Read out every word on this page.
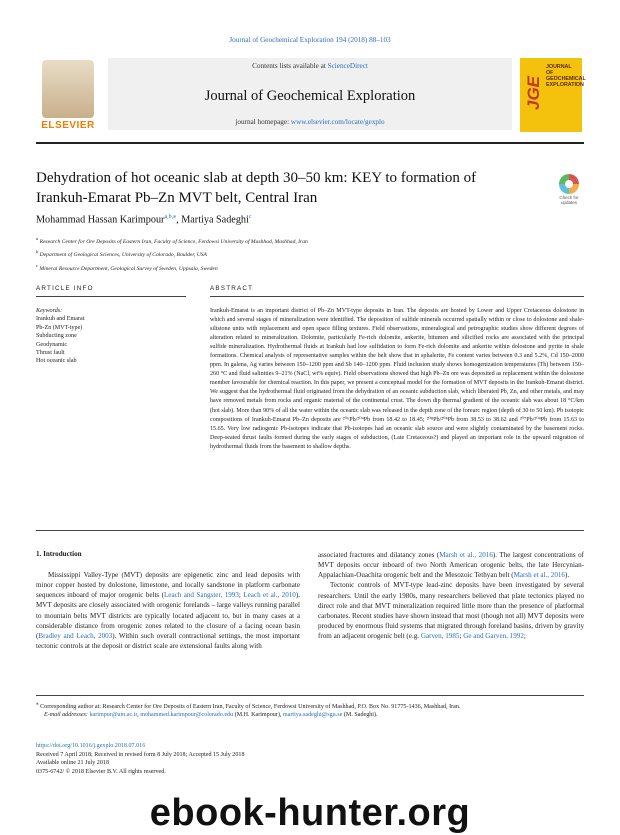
Journal of Geochemical Exploration 194 (2018) 88–103
ELSEVIER
Contents lists available at ScienceDirect
Journal of Geochemical Exploration
journal homepage: www.elsevier.com/locate/gexplo
JOURNAL OF GEOCHEMICAL EXPLORATION
JGE
Dehydration of hot oceanic slab at depth 30–50 km: KEY to formation of Irankuh-Emarat Pb–Zn MVT belt, Central Iran	Check for updates
Mohammad Hassan Karimpour$^{a,b,⁎}$, Martiya Sadeghi$^c$
$^a$ Research Center for Ore Deposits of Eastern Iran, Faculty of Science, Ferdowsi University of Mashhad, Mashhad, Iran
$^b$ Department of Geological Sciences, University of Colorado, Boulder, USA
$^c$ Mineral Resource Department, Geological Survey of Sweden, Uppsala, Sweden
ARTICLE INFO	ABSTRACT
Keywords:
Irankuh and Emarat
Pb-Zn (MVT-type)
Subducting zone
Geodynamic
Thrust fault
Hot oceanic slab

Irankuh-Emarat is an important district of Pb–Zn MVT-type deposits in Iran. The deposits are hosted by Lower and Upper Cretaceous dolostone in which and several stages of mineralization were identified. The deposition of sulfide minerals occurred spatially within or close to dolostone and shale-siltstone units with replacement and open space filling textures. Field observations, mineralogical and petrographic studies show different degrees of alteration related to mineralization. Dolomite, particularly Fe-rich dolomite, ankerite, bitumen and silicified rocks are associated with the principal sulfide mineralization. Hydrothermal fluids at Irankuh had low sulfidation to form Fe-rich dolomite and ankerite within dolostone and pyrite in shale formations. Chemical analysis of representative samples within the belt show that in sphalerite, Fe content varies between 0.3 and 5.2%, Cd 150–2000 ppm. In galena, Ag varies between 150–1200 ppm and Sb 140–1200 ppm. Fluid inclusion study shows homogenization temperatures (Th) between 150–260 °C and fluid salinities 9–21% (NaCl, wt% equiv). Field observations showed that high Pb–Zn ore was deposited as replacement within the dolostone member favourable for chemical reaction. In this paper, we present a conceptual model for the formation of MVT deposits in the Irankuh-Emarat district. We suggest that the hydrothermal fluid originated from the dehydration of an oceanic subduction slab, which liberated Pb, Zn, and other metals, and may have removed metals from rocks and organic material of the continental crust. The down dip thermal gradient of the oceanic slab was about 18 °C/km (hot slab). More than 90% of all the water within the oceanic slab was released in the depth zone of the forearc region (depth of 30 to 50 km). Pb isotopic compositions of Irankuh-Emarat Pb–Zn deposits are ²⁰⁶Pb/²⁰⁴Pb from 18.42 to 18.45; ²⁰⁸Pb/²⁰⁴Pb from 38.53 to 38.62 and ²⁰⁷Pb/²⁰⁴Pb from 15.63 to 15.65. Very low radiogenic Pb-isotopes indicate that Pb-isotopes had an oceanic slab source and were slightly contaminated by the basement rocks. Deep-seated thrust faults formed during the early stages of subduction, (Late Cretaceous?) and played an important role in the upward migration of hydrothermal fluids from the basement to shallow depths.

1. Introduction

Mississippi Valley-Type (MVT) deposits are epigenetic zinc and lead deposits with minor copper hosted by dolostone, limestone, and locally sandstone in platform carbonate sequences inboard of major orogenic belts (Leach and Sangster, 1993; Leach et al., 2010). MVT deposits are closely associated with orogenic forelands – large valleys running parallel to mountain belts MVT districts are typically located adjacent to, but in many cases at a considerable distance from orogenic zones related to the closure of a facing ocean basin (Bradley and Leach, 2003). Within such overall contractional settings, the most important tectonic controls at the deposit or district scale are extensional faults along with

associated fractures and dilatancy zones (Marsh et al., 2016). The largest concentrations of MVT deposits occur inboard of two North American orogenic belts, the late Hercynian-Appalachian-Ouachita orogenic belt and the Mesozoic Tethyan belt (Marsh et al., 2016).

Tectonic controls of MVT-type lead-zinc deposits have been investigated by several researchers. Until the early 1980s, many researchers believed that plate tectonics played no direct role and that MVT mineralization required little more than the presence of platformal carbonates. Recent studies have shown instead that most (though not all) MVT deposits were produced by enormous fluid systems that migrated through foreland basins, driven by gravity from an adjacent orogenic belt (e.g. Garven, 1985; Ge and Garven, 1992;

⁎ Corresponding author at: Research Center for Ore Deposits of Eastern Iran, Faculty of Science, Ferdowsi University of Mashhad, P.O. Box No. 91775-1436, Mashhad, Iran.

E-mail addresses: karimpur@um.ac.ir, mohammed.karimpour@colorado.edu (M.H. Karimpour), martiya.sadeghi@sgu.se (M. Sadeghi).

https://doi.org/10.1016/j.gexplo.2018.07.016
Received 7 April 2018; Received in revised form 8 July 2018; Accepted 15 July 2018
Available online 21 July 2018
0375-6742/ © 2018 Elsevier B.V. All rights reserved.
ebook-hunter.org
